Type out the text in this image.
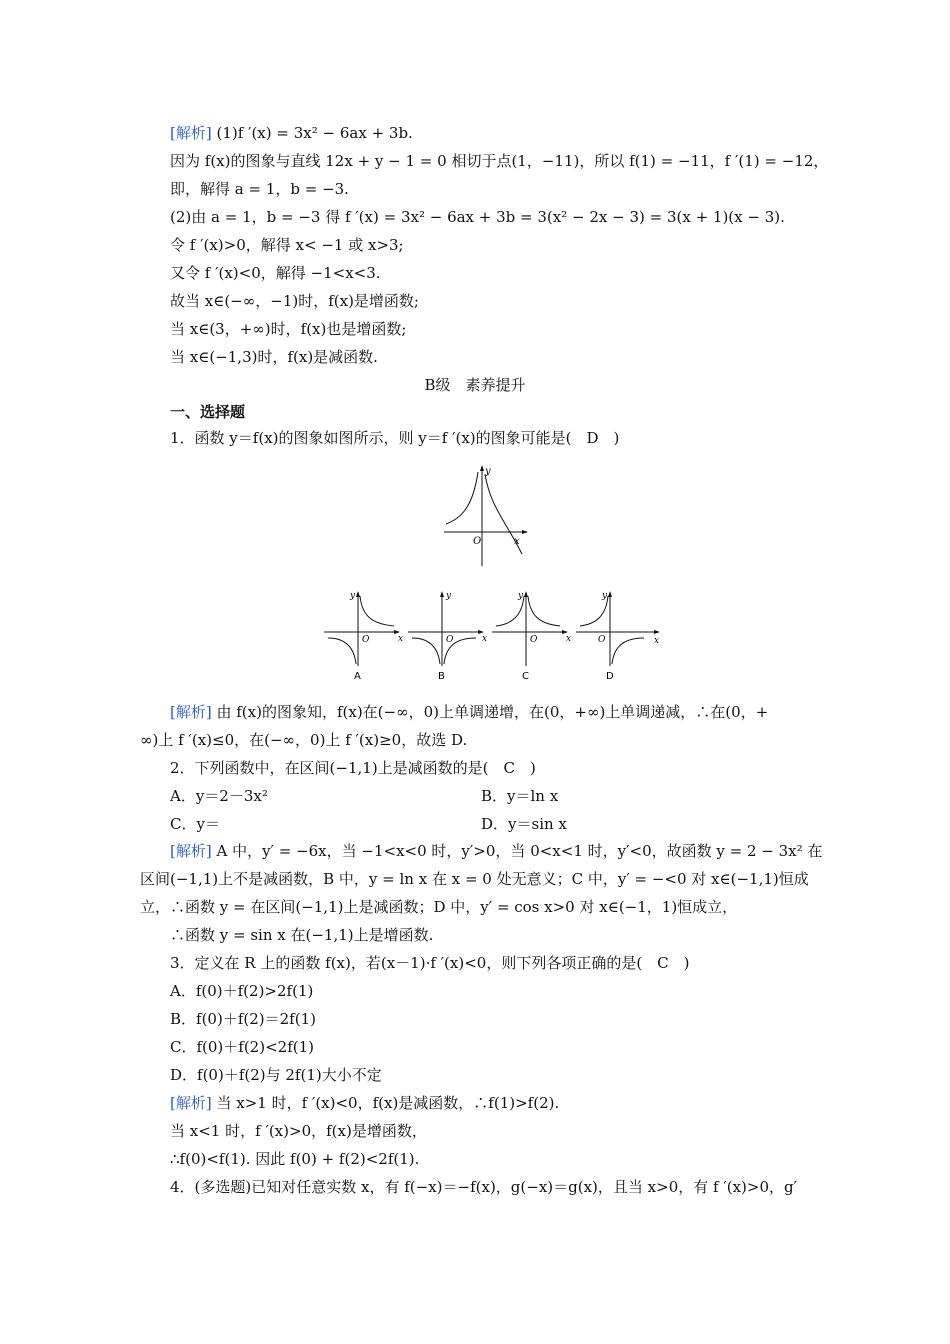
[解析] (1)f ′(x) = 3x² − 6ax + 3b.
因为 f(x)的图象与直线 12x + y − 1 = 0 相切于点(1，−11)，所以 f(1) = −11，f ′(1) = −12，
即，解得 a = 1，b = −3.
(2)由 a = 1，b = −3 得 f ′(x) = 3x² − 6ax + 3b = 3(x² − 2x − 3) = 3(x + 1)(x − 3).
令 f ′(x)>0，解得 x< −1 或 x>3;
又令 f ′(x)<0，解得 −1<x<3.
故当 x∈(−∞，−1)时，f(x)是增函数;
当 x∈(3，+∞)时，f(x)也是增函数;
当 x∈(−1,3)时，f(x)是减函数.
B级　素养提升
一、选择题
1．函数 y＝f(x)的图象如图所示，则 y＝f ′(x)的图象可能是(　D　)
y
x
O
y
x
O
A
y
x
O
B
y
x
O
C
y
x
O
D
[解析] 由 f(x)的图象知，f(x)在(−∞，0)上单调递增，在(0，+∞)上单调递减，∴在(0，+
∞)上 f ′(x)≤0，在(−∞，0)上 f ′(x)≥0，故选 D.
2．下列函数中，在区间(−1,1)上是减函数的是(　C　)
A．y＝2－3x²	B．y＝ln x
C．y＝	D．y＝sin x
[解析] A 中，y′ = −6x，当 −1<x<0 时，y′>0，当 0<x<1 时，y′<0，故函数 y = 2 − 3x² 在
区间(−1,1)上不是减函数，B 中，y = ln x 在 x = 0 处无意义；C 中，y′ = −<0 对 x∈(−1,1)恒成
立，∴函数 y = 在区间(−1,1)上是减函数；D 中，y′ = cos x>0 对 x∈(−1，1)恒成立，
∴函数 y = sin x 在(−1,1)上是增函数.
3．定义在 R 上的函数 f(x)，若(x－1)·f ′(x)<0，则下列各项正确的是(　C　)
A．f(0)＋f(2)>2f(1)
B．f(0)＋f(2)＝2f(1)
C．f(0)＋f(2)<2f(1)
D．f(0)＋f(2)与 2f(1)大小不定
[解析] 当 x>1 时，f ′(x)<0，f(x)是减函数，∴f(1)>f(2).
当 x<1 时，f ′(x)>0，f(x)是增函数，
∴f(0)<f(1). 因此 f(0) + f(2)<2f(1).
4．(多选题)已知对任意实数 x，有 f(−x)＝−f(x)，g(−x)＝g(x)，且当 x>0，有 f ′(x)>0，g′
